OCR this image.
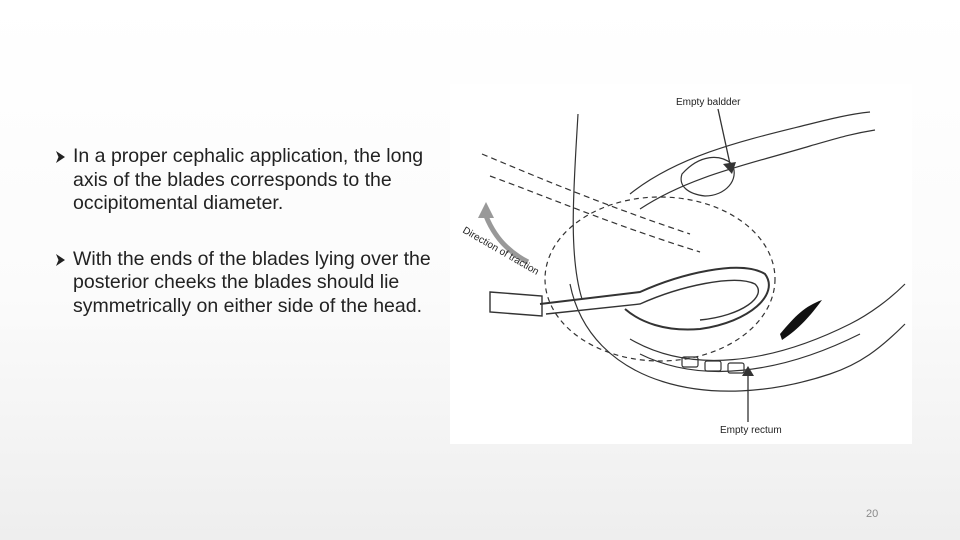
In a proper cephalic application, the long axis of the blades corresponds to the occipitomental diameter.
With the ends of the blades lying over the posterior cheeks the blades should lie symmetrically on either side of the head.
Empty baldder
Empty rectum
Direction of traction
20
